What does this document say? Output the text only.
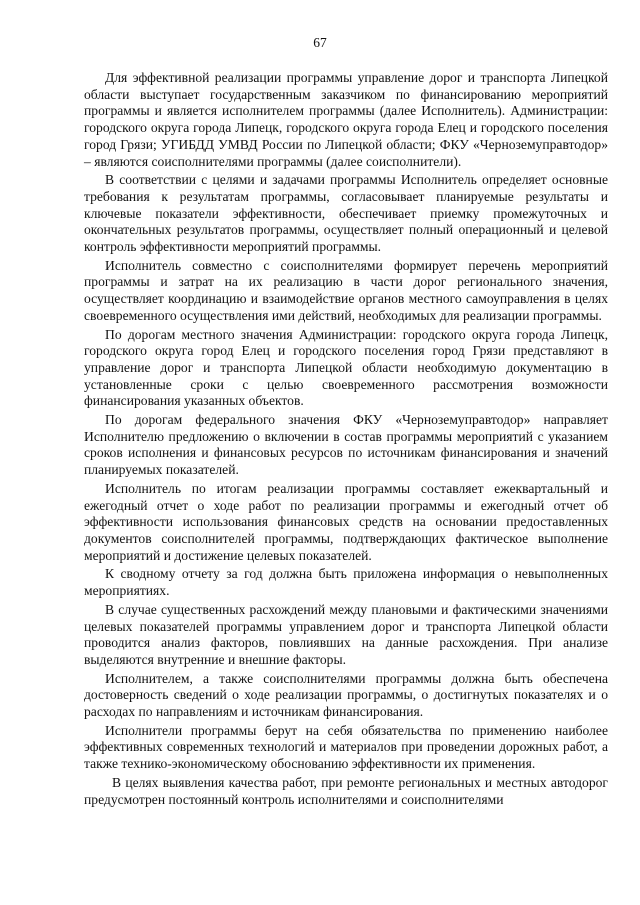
67

Для эффективной реализации программы управление дорог и транспорта Липецкой области выступает государственным заказчиком по финансированию мероприятий программы и является исполнителем программы (далее Исполнитель). Администрации: городского округа города Липецк, городского округа города Елец и городского поселения город Грязи; УГИБДД УМВД России по Липецкой области; ФКУ «Черноземуправтодор» – являются соисполнителями программы (далее соисполнители).

В соответствии с целями и задачами программы Исполнитель определяет основные требования к результатам программы, согласовывает планируемые результаты и ключевые показатели эффективности, обеспечивает приемку промежуточных и окончательных результатов программы, осуществляет полный операционный и целевой контроль эффективности мероприятий программы.

Исполнитель совместно с соисполнителями формирует перечень мероприятий программы и затрат на их реализацию в части дорог регионального значения, осуществляет координацию и взаимодействие органов местного самоуправления в целях своевременного осуществления ими действий, необходимых для реализации программы.

По дорогам местного значения Администрации: городского округа города Липецк, городского округа город Елец и городского поселения город Грязи представляют в управление дорог и транспорта Липецкой области необходимую документацию в установленные сроки с целью своевременного рассмотрения возможности финансирования указанных объектов.

По дорогам федерального значения ФКУ «Черноземуправтодор» направляет Исполнителю предложению о включении в состав программы мероприятий с указанием сроков исполнения и финансовых ресурсов по источникам финансирования и значений планируемых показателей.

Исполнитель по итогам реализации программы составляет ежеквартальный и ежегодный отчет о ходе работ по реализации программы и ежегодный отчет об эффективности использования финансовых средств на основании предоставленных документов соисполнителей программы, подтверждающих фактическое выполнение мероприятий и достижение целевых показателей.

К сводному отчету за год должна быть приложена информация о невыполненных мероприятиях.

В случае существенных расхождений между плановыми и фактическими значениями целевых показателей программы управлением дорог и транспорта Липецкой области проводится анализ факторов, повлиявших на данные расхождения. При анализе выделяются внутренние и внешние факторы.

Исполнителем, а также соисполнителями программы должна быть обеспечена достоверность сведений о ходе реализации программы, о достигнутых показателях и о расходах по направлениям и источникам финансирования.

Исполнители программы берут на себя обязательства по применению наиболее эффективных современных технологий и материалов при проведении дорожных работ, а также технико-экономическому обоснованию эффективности их применения.

В целях выявления качества работ, при ремонте региональных и местных автодорог предусмотрен постоянный контроль исполнителями и соисполнителями
